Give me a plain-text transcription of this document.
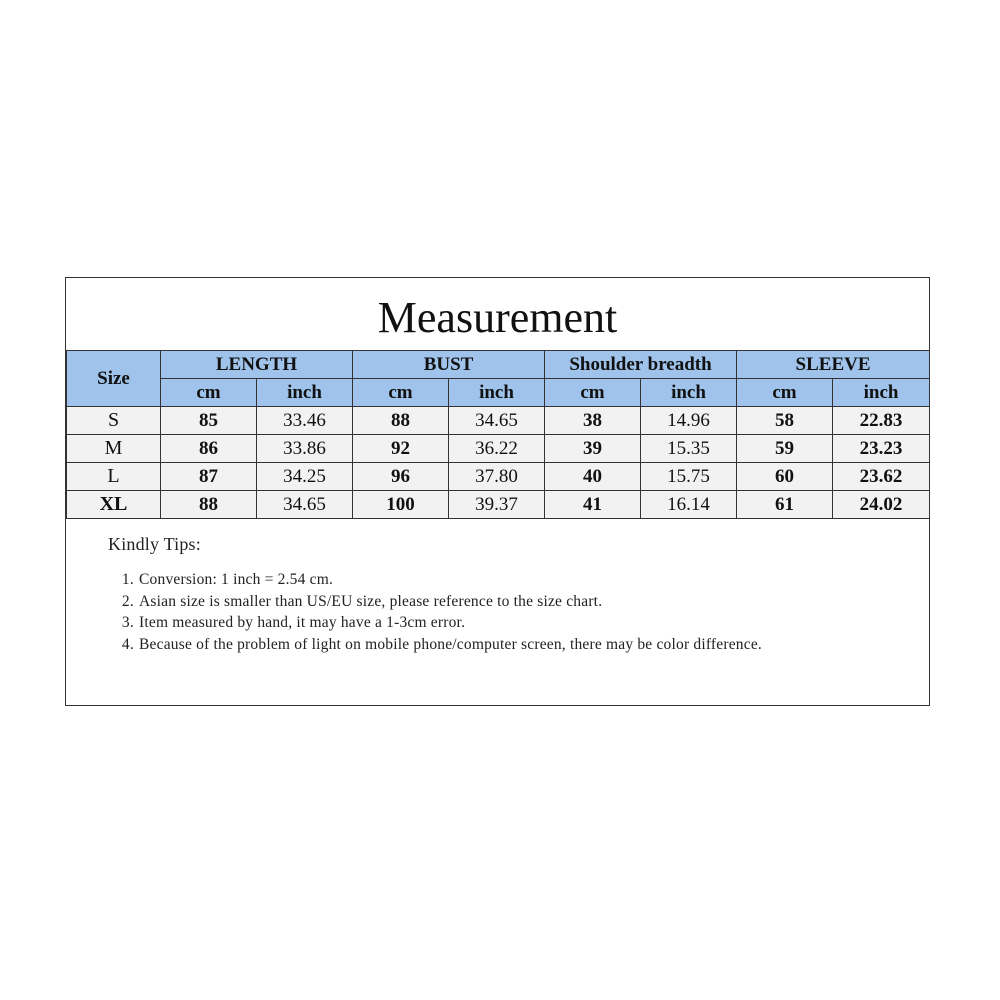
Measurement
Size	LENGTH		BUST		Shoulder breadth		SLEEVE	
	cm	inch	cm	inch	cm	inch	cm	inch
S	85	33.46	88	34.65	38	14.96	58	22.83
M	86	33.86	92	36.22	39	15.35	59	23.23
L	87	34.25	96	37.80	40	15.75	60	23.62
XL	88	34.65	100	39.37	41	16.14	61	24.02
Kindly Tips:
1. Conversion: 1 inch = 2.54 cm.
2. Asian size is smaller than US/EU size, please reference to the size chart.
3. Item measured by hand, it may have a 1-3cm error.
4. Because of the problem of light on mobile phone/computer screen, there may be color difference.
